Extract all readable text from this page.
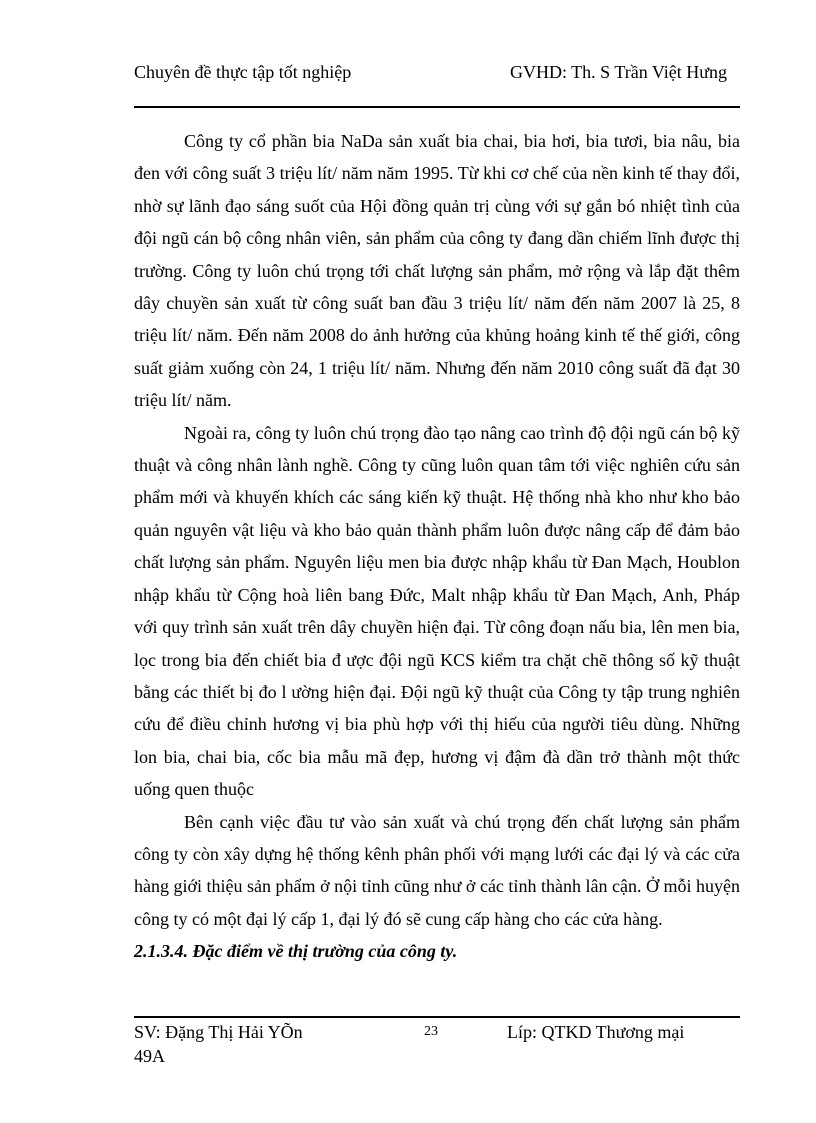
Chuyên đề thực tập tốt nghiệp	GVHD: Th. S Trần Việt Hưng

Công ty cổ phần bia NaDa sản xuất bia chai, bia hơi, bia tươi, bia nâu, bia đen với công suất 3 triệu lít/ năm năm 1995. Từ khi cơ chế của nền kinh tế thay đổi, nhờ sự lãnh đạo sáng suốt của Hội đồng quản trị cùng với sự gắn bó nhiệt tình của đội ngũ cán bộ công nhân viên, sản phẩm của công ty đang dần chiếm lĩnh được thị trường. Công ty luôn chú trọng tới chất lượng sản phẩm, mở rộng và lắp đặt thêm dây chuyền sản xuất từ công suất ban đầu 3 triệu lít/ năm đến năm 2007 là 25, 8 triệu lít/ năm. Đến năm 2008 do ảnh hưởng của khủng hoảng kinh tế thế giới, công suất giảm xuống còn 24, 1 triệu lít/ năm. Nhưng đến năm 2010 công suất đã đạt 30 triệu lít/ năm.

Ngoài ra, công ty luôn chú trọng đào tạo nâng cao trình độ đội ngũ cán bộ kỹ thuật và công nhân lành nghề. Công ty cũng luôn quan tâm tới việc nghiên cứu sản phẩm mới và khuyến khích các sáng kiến kỹ thuật. Hệ thống nhà kho như kho bảo quản nguyên vật liệu và kho bảo quản thành phẩm luôn được nâng cấp để đảm bảo chất lượng sản phẩm. Nguyên liệu men bia được nhập khẩu từ Đan Mạch, Houblon nhập khẩu từ Cộng hoà liên bang Đức, Malt nhập khẩu từ Đan Mạch, Anh, Pháp với quy trình sản xuất trên dây chuyền hiện đại. Từ công đoạn nấu bia, lên men bia, lọc trong bia đến chiết bia đ ược đội ngũ KCS kiểm tra chặt chẽ thông số kỹ thuật bằng các thiết bị đo l ường hiện đại. Đội ngũ kỹ thuật của Công ty tập trung nghiên cứu để điều chỉnh hương vị bia phù hợp với thị hiếu của người tiêu dùng. Những lon bia, chai bia, cốc bia mẫu mã đẹp, hương vị đậm đà dần trở thành một thức uống quen thuộc

Bên cạnh việc đầu tư vào sản xuất và chú trọng đến chất lượng sản phẩm công ty còn xây dựng hệ thống kênh phân phối với mạng lưới các đại lý và các cửa hàng giới thiệu sản phẩm ở nội tỉnh cũng như ở các tỉnh thành lân cận. Ở mỗi huyện công ty có một đại lý cấp 1, đại lý đó sẽ cung cấp hàng cho các cửa hàng.

2.1.3.4. Đặc điểm về thị trường của công ty.

SV: Đặng Thị Hải YÕn 49A
23	Líp: QTKD Thương mại
